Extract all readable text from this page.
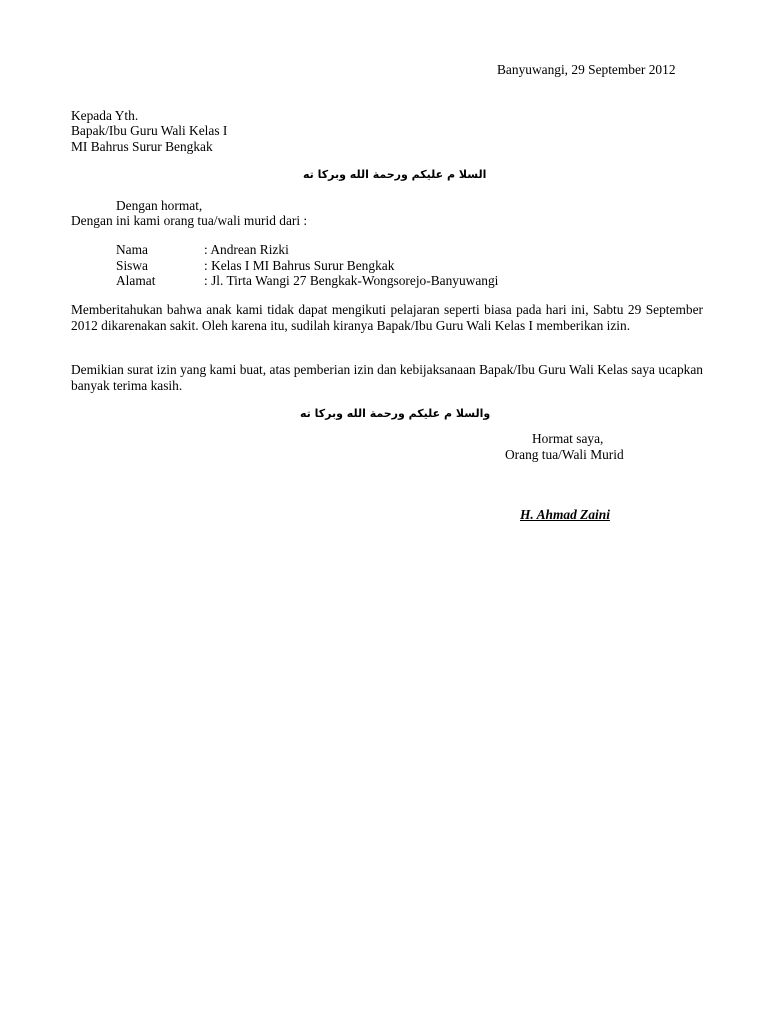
Banyuwangi, 29 September 2012
Kepada Yth.
Bapak/Ibu Guru Wali Kelas I
MI Bahrus Surur Bengkak
السلا م عليكم ورحمة الله وبركا ته
Dengan hormat,
Dengan ini kami orang tua/wali murid dari :
Nama	: Andrean Rizki
Siswa	: Kelas I MI Bahrus Surur Bengkak
Alamat	: Jl. Tirta Wangi 27 Bengkak-Wongsorejo-Banyuwangi
Memberitahukan bahwa anak kami tidak dapat mengikuti pelajaran seperti biasa pada hari ini, Sabtu 29 September 2012 dikarenakan sakit. Oleh karena itu, sudilah kiranya Bapak/Ibu Guru Wali Kelas I memberikan izin.
Demikian surat izin yang kami buat, atas pemberian izin dan kebijaksanaan Bapak/Ibu Guru Wali Kelas saya ucapkan banyak terima kasih.
والسلا م عليكم ورحمة الله وبركا ته
Hormat saya,
Orang tua/Wali Murid
H. Ahmad Zaini
